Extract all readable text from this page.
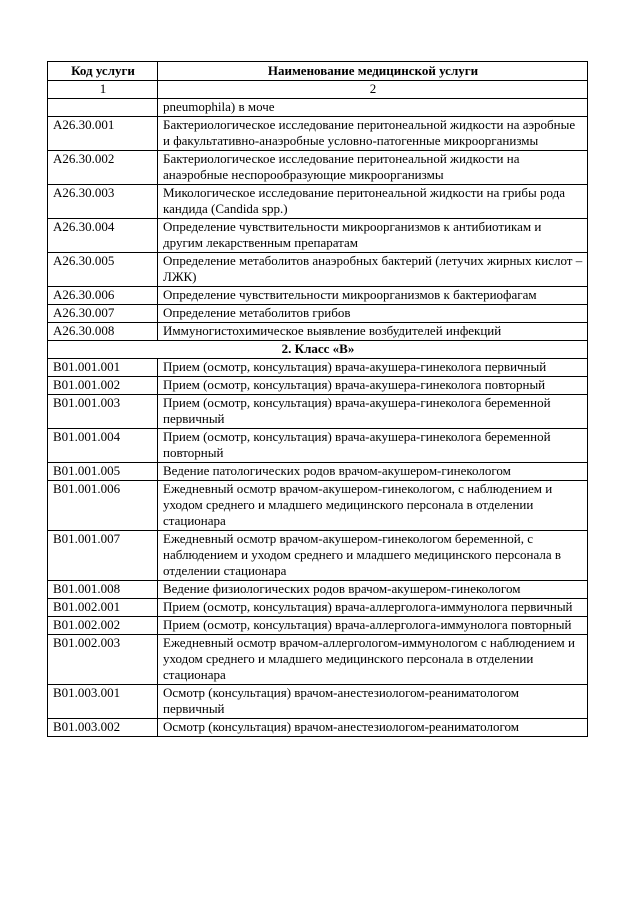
Код услуги	Наименование медицинской услуги
1	2
	pneumophila) в моче
A26.30.001	Бактериологическое исследование перитонеальной жидкости на аэробные и факультативно-анаэробные условно-патогенные микроорганизмы
A26.30.002	Бактериологическое исследование перитонеальной жидкости на анаэробные неспорообразующие микроорганизмы
A26.30.003	Микологическое исследование перитонеальной жидкости на грибы рода кандида (Candida spp.)
A26.30.004	Определение чувствительности микроорганизмов к антибиотикам и другим лекарственным препаратам
A26.30.005	Определение метаболитов анаэробных бактерий (летучих жирных кислот – ЛЖК)
A26.30.006	Определение чувствительности микроорганизмов к бактериофагам
A26.30.007	Определение метаболитов грибов
A26.30.008	Иммуногистохимическое выявление возбудителей инфекций
2. Класс «В»	
B01.001.001	Прием (осмотр, консультация) врача-акушера-гинеколога первичный
B01.001.002	Прием (осмотр, консультация) врача-акушера-гинеколога повторный
B01.001.003	Прием (осмотр, консультация) врача-акушера-гинеколога беременной первичный
B01.001.004	Прием (осмотр, консультация) врача-акушера-гинеколога беременной повторный
B01.001.005	Ведение патологических родов врачом-акушером-гинекологом
B01.001.006	Ежедневный осмотр врачом-акушером-гинекологом, с наблюдением и уходом среднего и младшего медицинского персонала в отделении стационара
B01.001.007	Ежедневный осмотр врачом-акушером-гинекологом беременной, с наблюдением и уходом среднего и младшего медицинского персонала в отделении стационара
B01.001.008	Ведение физиологических родов врачом-акушером-гинекологом
B01.002.001	Прием (осмотр, консультация) врача-аллерголога-иммунолога первичный
B01.002.002	Прием (осмотр, консультация) врача-аллерголога-иммунолога повторный
B01.002.003	Ежедневный осмотр врачом-аллергологом-иммунологом с наблюдением и уходом среднего и младшего медицинского персонала в отделении стационара
B01.003.001	Осмотр (консультация) врачом-анестезиологом-реаниматологом первичный
B01.003.002	Осмотр (консультация) врачом-анестезиологом-реаниматологом
